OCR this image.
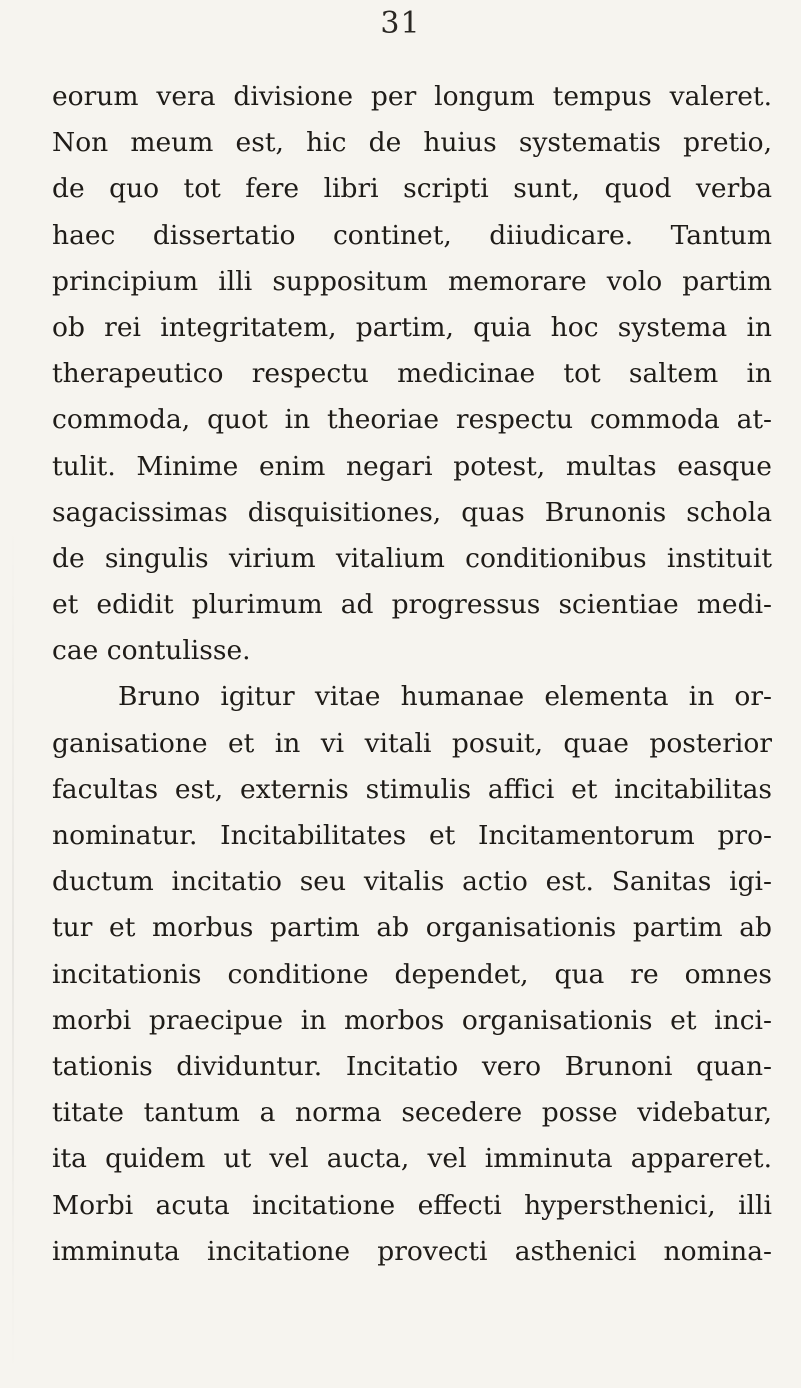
31
eorum vera divisione per longum tempus valeret.
Non meum est, hic de huius systematis pretio,
de quo tot fere libri scripti sunt, quod verba
haec dissertatio continet, diiudicare. Tantum
principium illi suppositum memorare volo partim
ob rei integritatem, partim, quia hoc systema in
therapeutico respectu medicinae tot saltem in
commoda, quot in theoriae respectu commoda at-
tulit. Minime enim negari potest, multas easque
sagacissimas disquisitiones, quas Brunonis schola
de singulis virium vitalium conditionibus instituit
et edidit plurimum ad progressus scientiae medi-
cae contulisse.
Bruno igitur vitae humanae elementa in or-
ganisatione et in vi vitali posuit, quae posterior
facultas est, externis stimulis affici et incitabilitas
nominatur. Incitabilitates et Incitamentorum pro-
ductum incitatio seu vitalis actio est. Sanitas igi-
tur et morbus partim ab organisationis partim ab
incitationis conditione dependet, qua re omnes
morbi praecipue in morbos organisationis et inci-
tationis dividuntur. Incitatio vero Brunoni quan-
titate tantum a norma secedere posse videbatur,
ita quidem ut vel aucta, vel imminuta appareret.
Morbi acuta incitatione effecti hypersthenici, illi
imminuta incitatione provecti asthenici nomina-
